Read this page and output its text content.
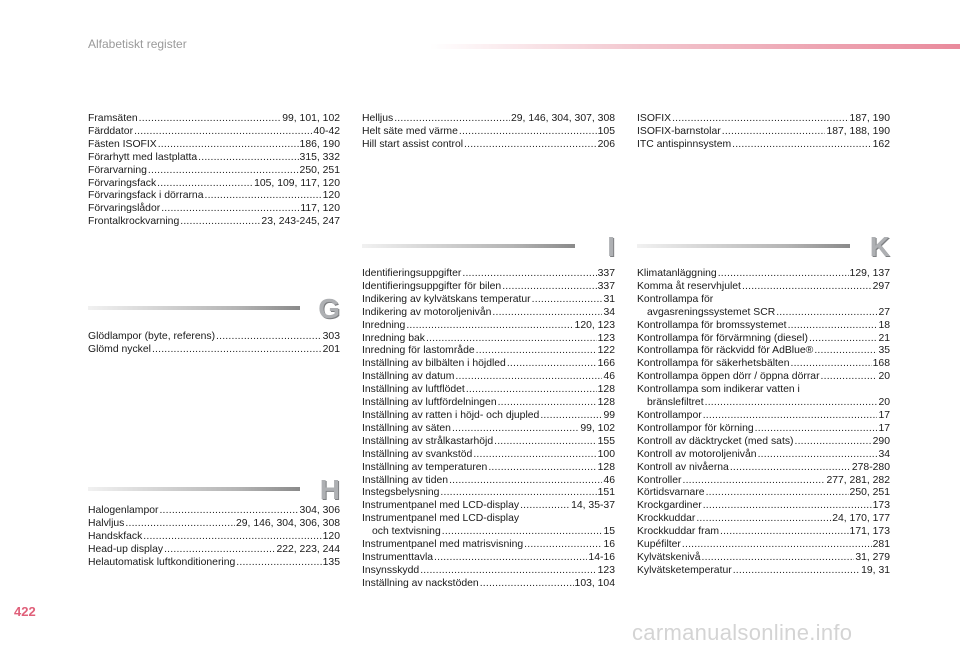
Alfabetiskt register
Framsäten .....	99, 101, 102
Färddator .....	40-42
Fästen ISOFIX .....	186, 190
Förarhytt med lastplatta .....	315, 332
Förarvarning .....	250, 251
Förvaringsfack .....	105, 109, 117, 120
Förvaringsfack i dörrarna .....	120
Förvaringslådor .....	117, 120
Frontalkrockvarning .....	23, 243-245, 247
G
Glödlampor (byte, referens) .....	303
Glömd nyckel .....	201
H
Halogenlampor .....	304, 306
Halvljus .....	29, 146, 304, 306, 308
Handskfack .....	120
Head-up display .....	222, 223, 244
Helautomatisk luftkonditionering .....	135
Helljus .....	29, 146, 304, 307, 308
Helt säte med värme .....	105
Hill start assist control .....	206
I
Identifieringsuppgifter .....	337
Identifieringsuppgifter för bilen .....	337
Indikering av kylvätskans temperatur .....	31
Indikering av motoroljenivån .....	34
Inredning .....	120, 123
Inredning bak .....	123
Inredning för lastområde .....	122
Inställning av bilbälten i höjdled .....	166
Inställning av datum .....	46
Inställning av luftflödet .....	128
Inställning av luftfördelningen .....	128
Inställning av ratten i höjd- och djupled .....	99
Inställning av säten .....	99, 102
Inställning av strålkastarhöjd .....	155
Inställning av svankstöd .....	100
Inställning av temperaturen .....	128
Inställning av tiden .....	46
Instegsbelysning .....	151
Instrumentpanel med LCD-display .....	14, 35-37
Instrumentpanel med LCD-display
och textvisning .....	15
Instrumentpanel med matrisvisning .....	16
Instrumenttavla .....	14-16
Insynsskydd .....	123
Inställning av nackstöden .....	103, 104
ISOFIX .....	187, 190
ISOFIX-barnstolar .....	187, 188, 190
ITC antispinnsystem .....	162
K
Klimatanläggning .....	129, 137
Komma åt reservhjulet .....	297
Kontrollampa för
avgasreningssystemet SCR .....	27
Kontrollampa för bromssystemet .....	18
Kontrollampa för förvärmning (diesel) .....	21
Kontrollampa för räckvidd för AdBlue® .....	35
Kontrollampa för säkerhetsbälten .....	168
Kontrollampa öppen dörr / öppna dörrar .....	20
Kontrollampa som indikerar vatten i
bränslefiltret .....	20
Kontrollampor .....	17
Kontrollampor för körning .....	17
Kontroll av däcktrycket (med sats) .....	290
Kontroll av motoroljenivån .....	34
Kontroll av nivåerna .....	278-280
Kontroller .....	277, 281, 282
Körtidsvarnare .....	250, 251
Krockgardiner .....	173
Krockkuddar .....	24, 170, 177
Krockkuddar fram .....	171, 173
Kupéfilter .....	281
Kylvätskenivå .....	31, 279
Kylvätsketemperatur .....	19, 31
422
carmanualsonline.info
